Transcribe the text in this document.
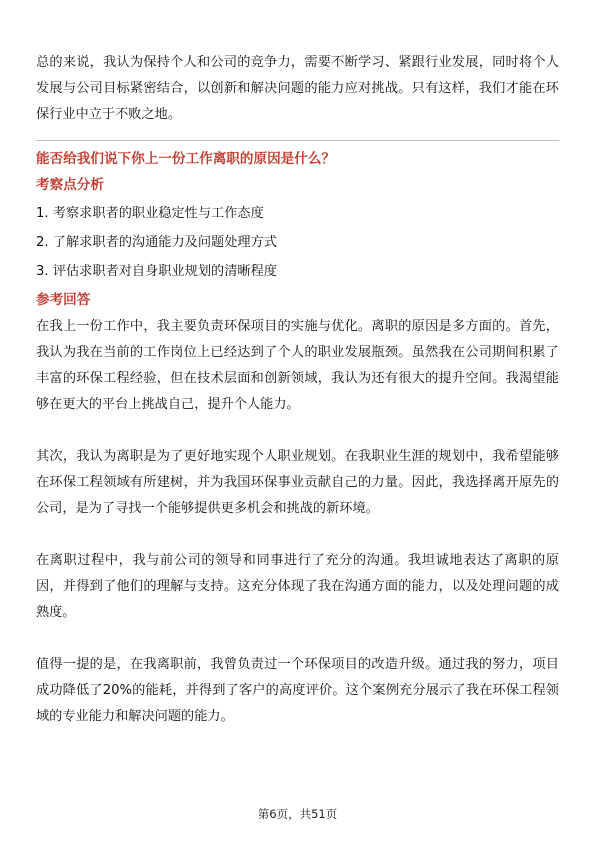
总的来说，我认为保持个人和公司的竞争力，需要不断学习、紧跟行业发展，同时将个人发展与公司目标紧密结合，以创新和解决问题的能力应对挑战。只有这样，我们才能在环保行业中立于不败之地。

能否给我们说下你上一份工作离职的原因是什么？

考察点分析

1. 考察求职者的职业稳定性与工作态度

2. 了解求职者的沟通能力及问题处理方式

3. 评估求职者对自身职业规划的清晰程度

参考回答

在我上一份工作中，我主要负责环保项目的实施与优化。离职的原因是多方面的。首先，我认为我在当前的工作岗位上已经达到了个人的职业发展瓶颈。虽然我在公司期间积累了丰富的环保工程经验，但在技术层面和创新领域，我认为还有很大的提升空间。我渴望能够在更大的平台上挑战自己，提升个人能力。

其次，我认为离职是为了更好地实现个人职业规划。在我职业生涯的规划中，我希望能够在环保工程领域有所建树，并为我国环保事业贡献自己的力量。因此，我选择离开原先的公司，是为了寻找一个能够提供更多机会和挑战的新环境。

在离职过程中，我与前公司的领导和同事进行了充分的沟通。我坦诚地表达了离职的原因，并得到了他们的理解与支持。这充分体现了我在沟通方面的能力，以及处理问题的成熟度。

值得一提的是，在我离职前，我曾负责过一个环保项目的改造升级。通过我的努力，项目成功降低了20%的能耗，并得到了客户的高度评价。这个案例充分展示了我在环保工程领域的专业能力和解决问题的能力。

第6页，共51页
